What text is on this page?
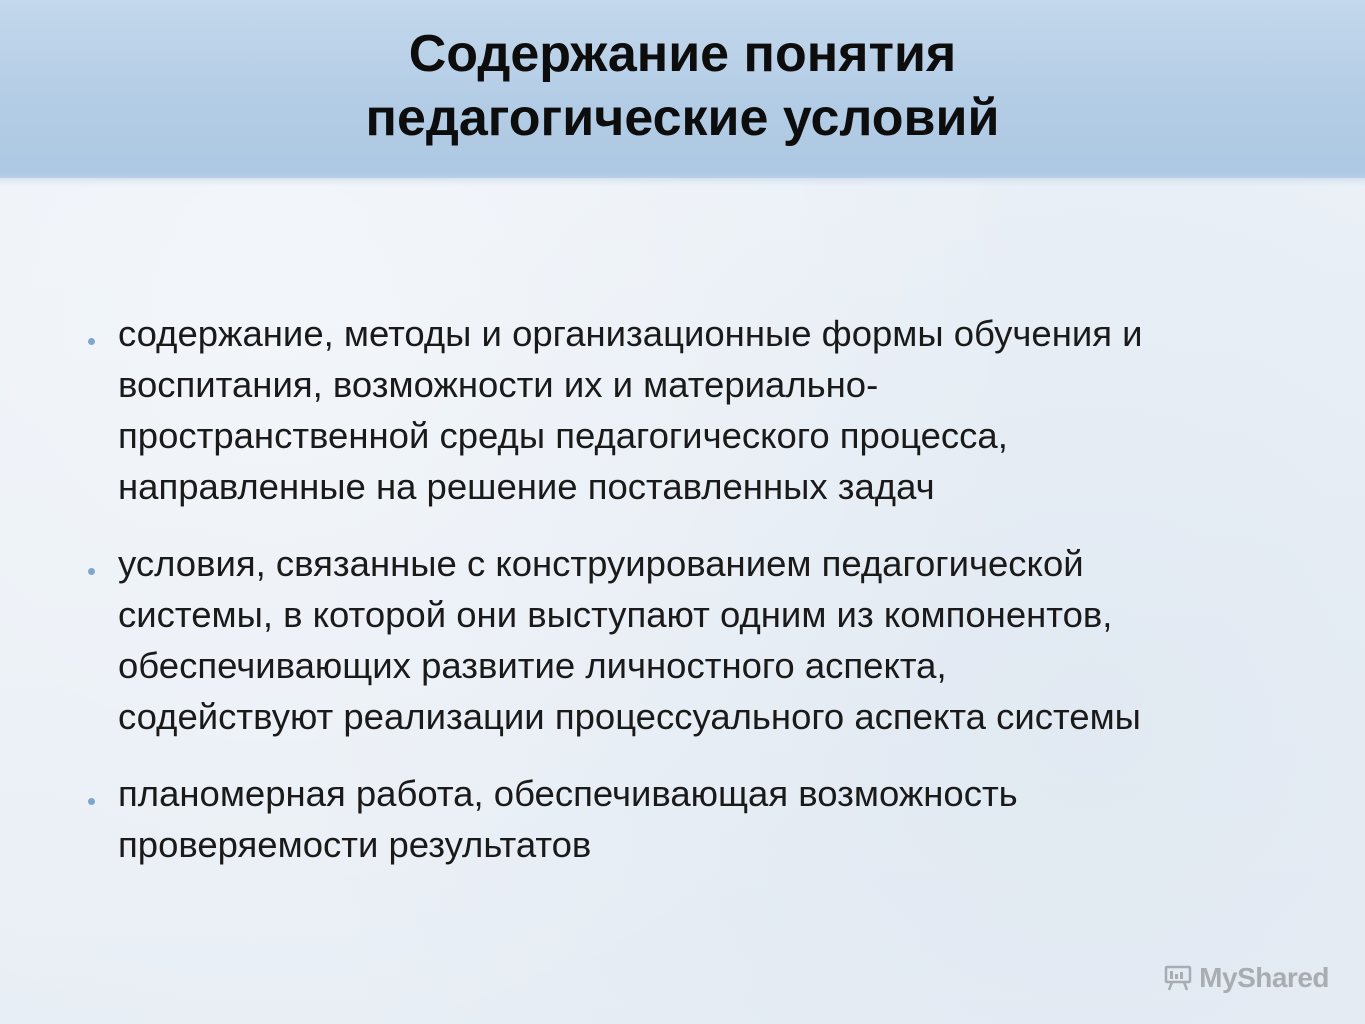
Содержание понятия
педагогические условий
содержание, методы и организационные формы обучения и
воспитания, возможности их и материально-
пространственной среды педагогического процесса,
направленные на решение поставленных задач
условия, связанные с конструированием педагогической
системы, в которой они выступают одним из компонентов,
обеспечивающих развитие личностного аспекта,
содействуют реализации процессуального аспекта системы
планомерная работа, обеспечивающая возможность
проверяемости результатов
MyShared
